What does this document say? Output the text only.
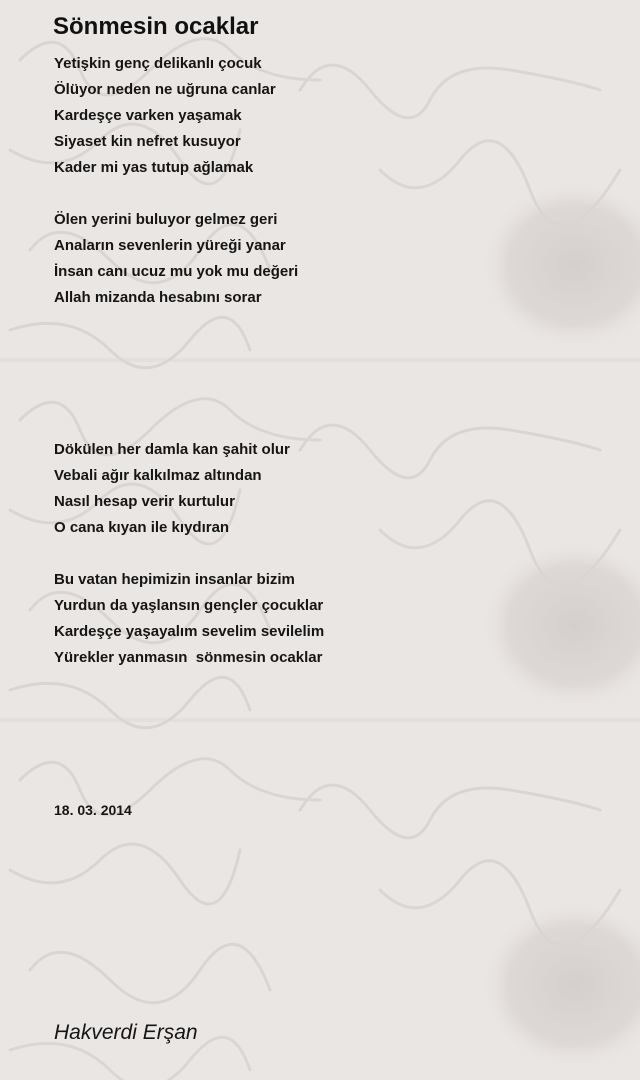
Sönmesin ocaklar
Yetişkin genç delikanlı çocuk
Ölüyor neden ne uğruna canlar
Kardeşçe varken yaşamak
Siyaset kin nefret kusuyor
Kader mi yas tutup ağlamak
Ölen yerini buluyor gelmez geri
Anaların sevenlerin yüreği yanar
İnsan canı ucuz mu yok mu değeri
Allah mizanda hesabını sorar
Dökülen her damla kan şahit olur
Vebali ağır kalkılmaz altından
Nasıl hesap verir kurtulur
O cana kıyan ile kıydıran
Bu vatan hepimizin insanlar bizim
Yurdun da yaşlansın gençler çocuklar
Kardeşçe yaşayalım sevelim sevilelim
Yürekler yanmasın  sönmesin ocaklar
18. 03. 2014
Hakverdi Erşan
